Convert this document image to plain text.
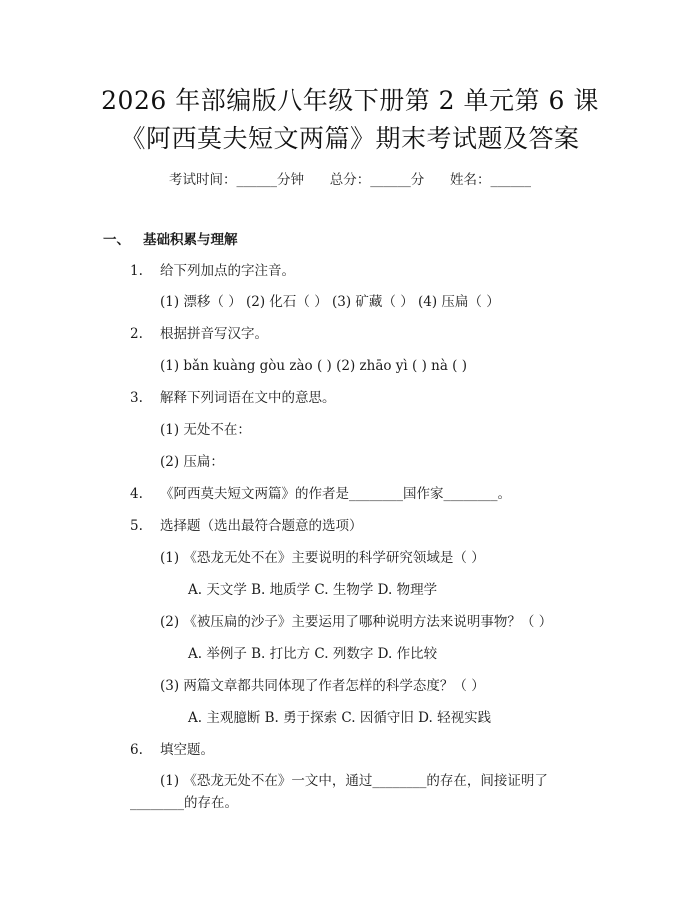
2026 年部编版八年级下册第 2 单元第 6 课
《阿西莫夫短文两篇》期末考试题及答案
考试时间：______分钟      总分：______分      姓名：______
一、 基础积累与理解
1. 给下列加点的字注音。
(1) 漂移（ ） (2) 化石（ ） (3) 矿藏（ ） (4) 压扁（ ）
2. 根据拼音写汉字。
(1) bǎn kuàng gòu zào ( ) (2) zhāo yì ( ) nà ( )
3. 解释下列词语在文中的意思。
(1) 无处不在：
(2) 压扁：
4. 《阿西莫夫短文两篇》的作者是________国作家________。
5. 选择题（选出最符合题意的选项）
(1) 《恐龙无处不在》主要说明的科学研究领域是（ ）
A. 天文学 B. 地质学 C. 生物学 D. 物理学
(2) 《被压扁的沙子》主要运用了哪种说明方法来说明事物？（ ）
A. 举例子 B. 打比方 C. 列数字 D. 作比较
(3) 两篇文章都共同体现了作者怎样的科学态度？（ ）
A. 主观臆断 B. 勇于探索 C. 因循守旧 D. 轻视实践
6. 填空题。
(1) 《恐龙无处不在》一文中，通过________的存在，间接证明了________的存在。
